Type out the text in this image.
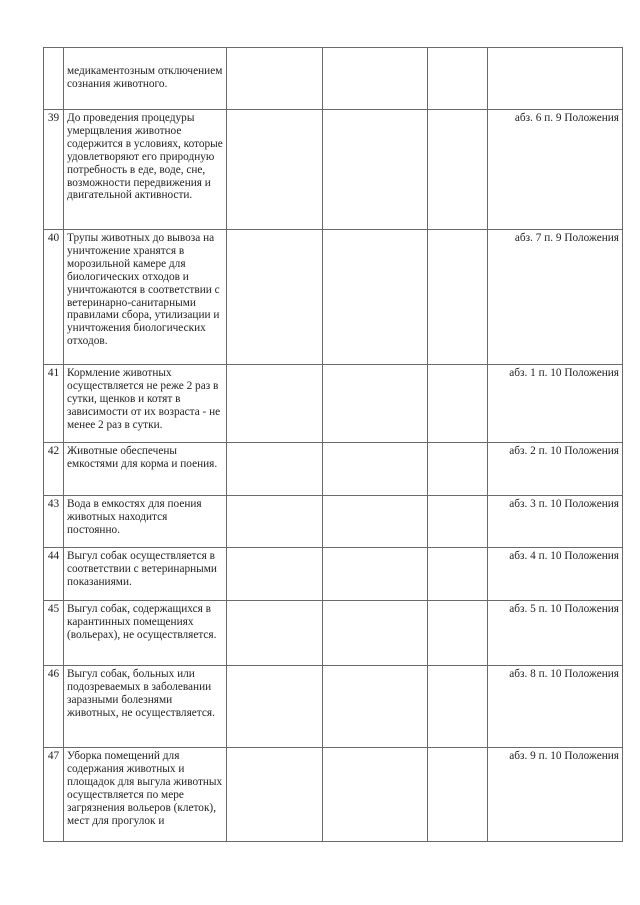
	медикаментозным отключением сознания животного.				
39	До проведения процедуры умерщвления животное содержится в условиях, которые удовлетворяют его природную потребность в еде, воде, сне, возможности передвижения и двигательной активности.				абз. 6 п. 9 Положения
40	Трупы животных до вывоза на уничтожение хранятся в морозильной камере для биологических отходов и уничтожаются в соответствии с ветеринарно-санитарными правилами сбора, утилизации и уничтожения биологических отходов.				абз. 7 п. 9 Положения
41	Кормление животных осуществляется не реже 2 раз в сутки, щенков и котят в зависимости от их возраста - не менее 2 раз в сутки.				абз. 1 п. 10 Положения
42	Животные обеспечены емкостями для корма и поения.				абз. 2 п. 10 Положения
43	Вода в емкостях для поения животных находится постоянно.				абз. 3 п. 10 Положения
44	Выгул собак осуществляется в соответствии с ветеринарными показаниями.				абз. 4 п. 10 Положения
45	Выгул собак, содержащихся в карантинных помещениях (вольерах), не осуществляется.				абз. 5 п. 10 Положения
46	Выгул собак, больных или подозреваемых в заболевании заразными болезнями животных, не осуществляется.				абз. 8 п. 10 Положения
47	Уборка помещений для содержания животных и площадок для выгула животных осуществляется по мере загрязнения вольеров (клеток), мест для прогулок и				абз. 9 п. 10 Положения
